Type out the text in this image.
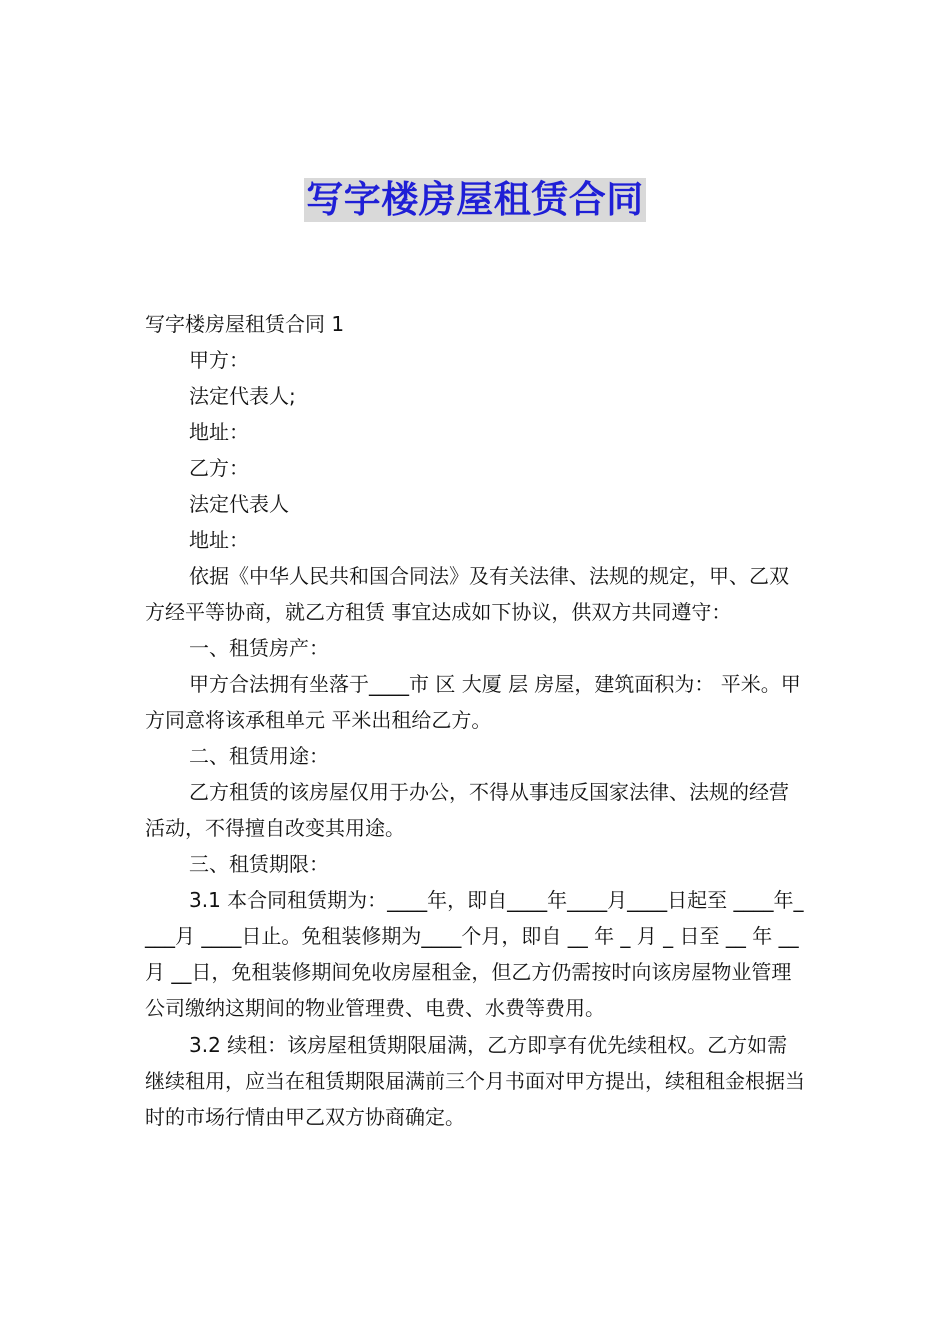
写字楼房屋租赁合同

写字楼房屋租赁合同 1

甲方：

法定代表人;

地址：

乙方：

法定代表人

地址：

依据《中华人民共和国合同法》及有关法律、法规的规定，甲、乙双方经平等协商，就乙方租赁 事宜达成如下协议，供双方共同遵守：

一、租赁房产：

甲方合法拥有坐落于____市 区 大厦 层 房屋，建筑面积为： 平米。甲方同意将该承租单元 平米出租给乙方。

二、租赁用途：

乙方租赁的该房屋仅用于办公，不得从事违反国家法律、法规的经营活动，不得擅自改变其用途。

三、租赁期限：

3.1 本合同租赁期为：____年，即自____年____月____日起至 ____年____月 ____日止。免租装修期为____个月，即自 __ 年 _ 月 _ 日至 __ 年 __月 __日，免租装修期间免收房屋租金，但乙方仍需按时向该房屋物业管理公司缴纳这期间的物业管理费、电费、水费等费用。

3.2 续租：该房屋租赁期限届满，乙方即享有优先续租权。乙方如需继续租用，应当在租赁期限届满前三个月书面对甲方提出，续租租金根据当时的市场行情由甲乙双方协商确定。
